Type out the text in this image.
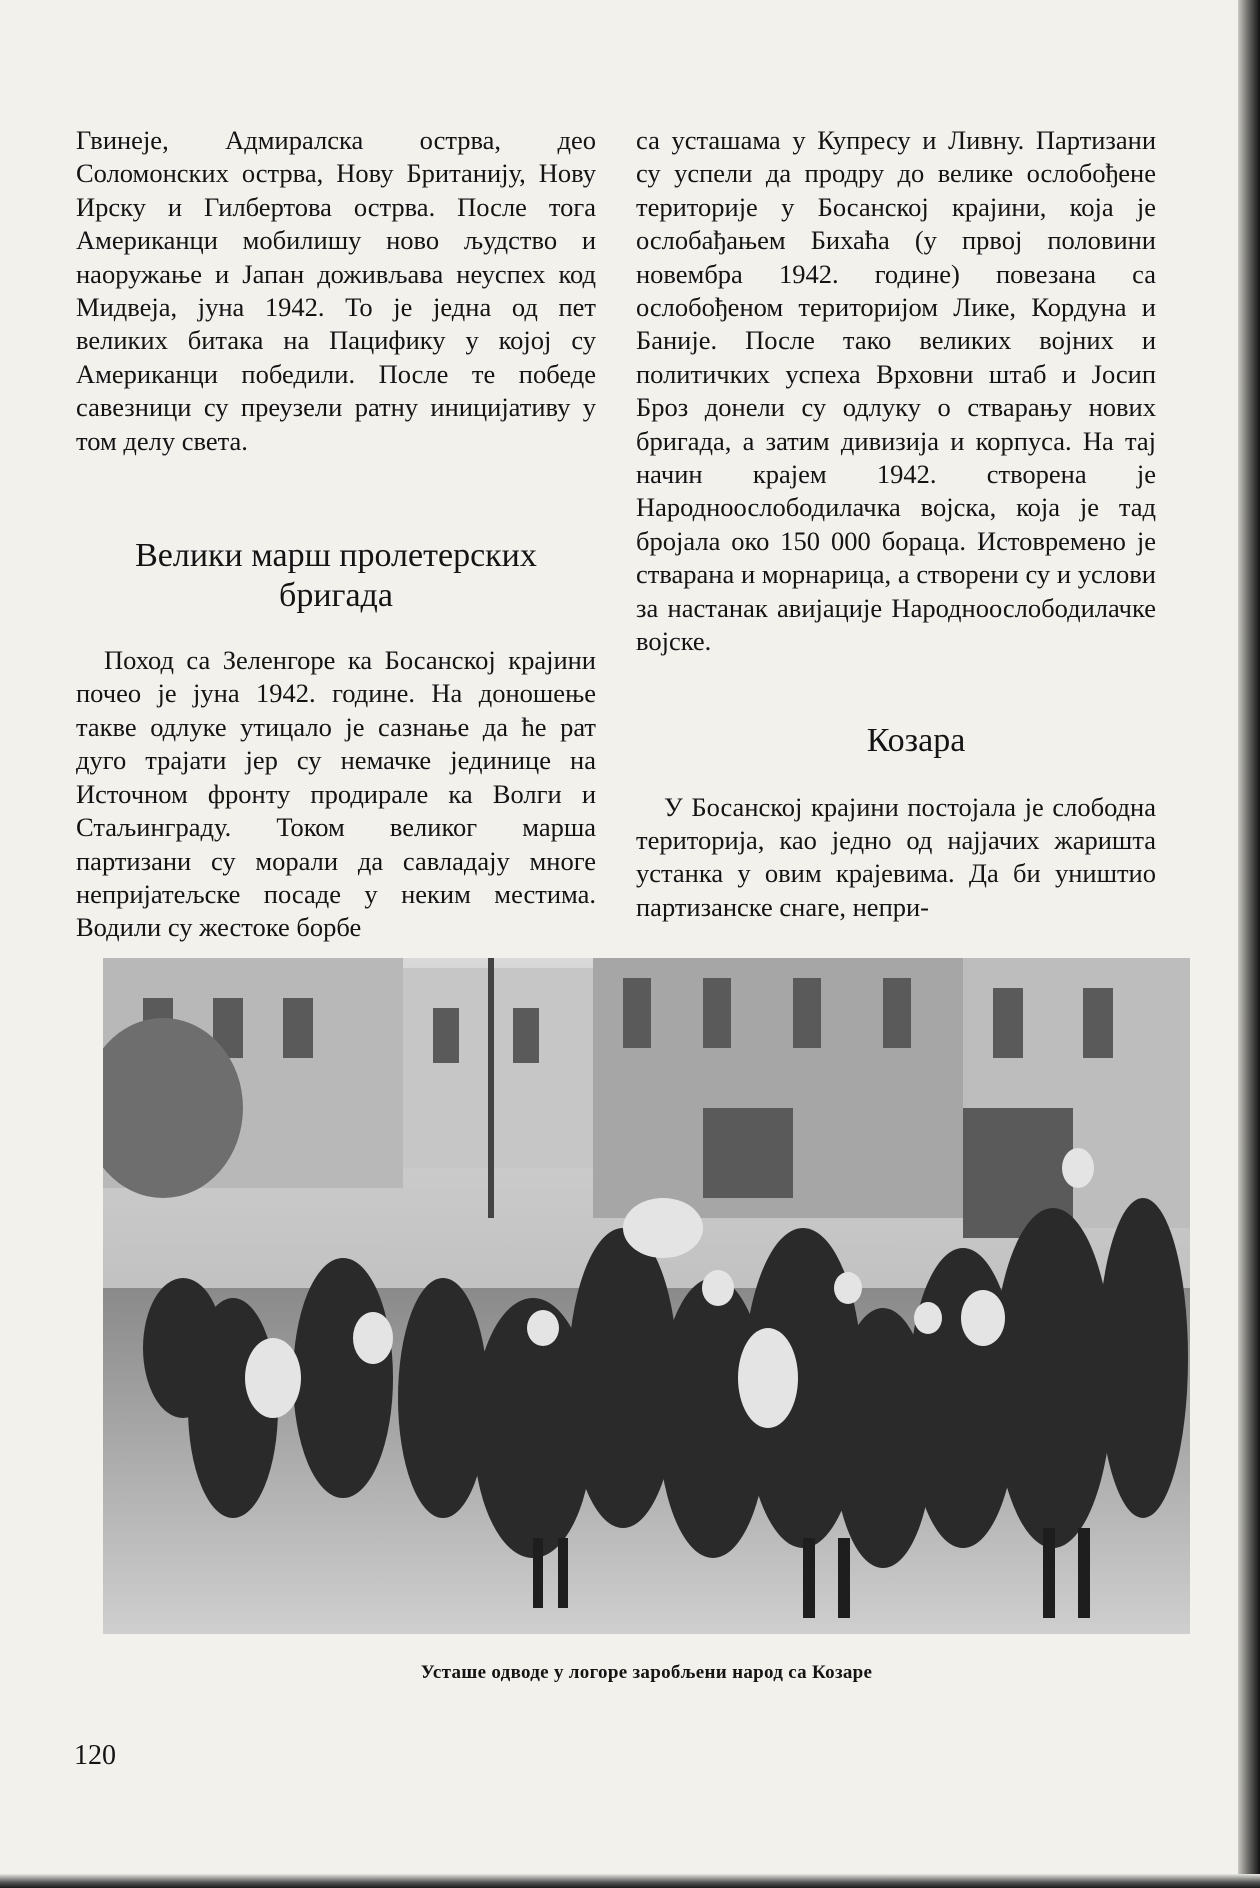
Гвинеје, Адмиралска острва, део Соломонских острва, Нову Британију, Нову Ирску и Гилбертова острва. После тога Американци мобилишу ново људство и наоружање и Јапан доживљава неуспех код Мидвеја, јуна 1942. То је једна од пет великих битака на Пацифику у којој су Американци победили. После те победе савезници су преузели ратну иницијативу у том делу света.

Велики марш пролетерских бригада

Поход са Зеленгоре ка Босанској крајини почео је јуна 1942. године. На доношење такве одлуке утицало је сазнање да ће рат дуго трајати јер су немачке јединице на Источном фронту продирале ка Волги и Стаљинграду. Током великог марша партизани су морали да савладају многе непријатељске посаде у неким местима. Водили су жестоке борбе

са усташама у Купресу и Ливну. Партизани су успели да продру до велике ослобођене територије у Босанској крајини, која је ослобађањем Бихаћа (у првој половини новембра 1942. године) повезана са ослобођеном територијом Лике, Кордуна и Баније. После тако великих војних и политичких успеха Врховни штаб и Јосип Броз донели су одлуку о стварању нових бригада, а затим дивизија и корпуса. На тај начин крајем 1942. створена је Народноослободилачка војска, која је тад бројала око 150 000 бораца. Истовремено је стварана и морнарица, а створени су и услови за настанак авијације Народноослободилачке војске.

Козара

У Босанској крајини постојала је слободна територија, као једно од најјачих жаришта устанка у овим крајевима. Да би уништио партизанске снаге, непри-

Усташе одводе у логоре заробљени народ са Козаре
120
